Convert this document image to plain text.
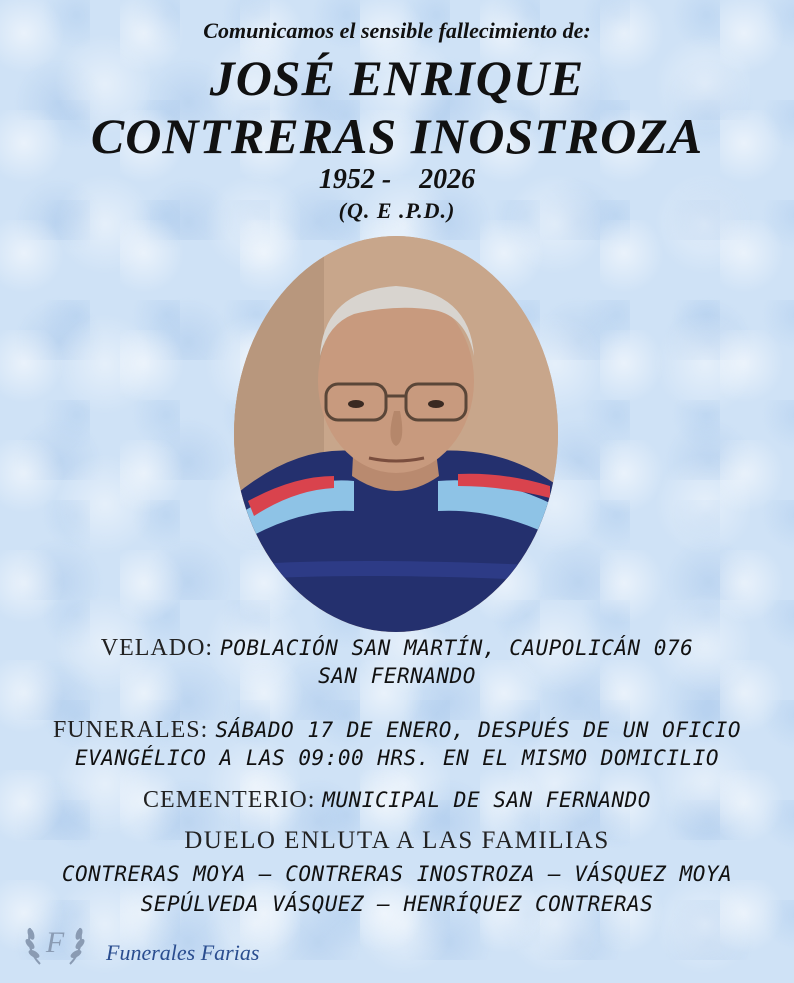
Comunicamos el sensible fallecimiento de:
JOSÉ ENRIQUE
CONTRERAS INOSTROZA
1952 - 2026
(Q. E .P.D.)
VELADO: POBLACIÓN SAN MARTÍN, CAUPOLICÁN 076
SAN FERNANDO
FUNERALES: SÁBADO 17 DE ENERO, DESPUÉS DE UN OFICIO
EVANGÉLICO A LAS 09:00 HRS. EN EL MISMO DOMICILIO
CEMENTERIO: MUNICIPAL DE SAN FERNANDO
DUELO ENLUTA A LAS FAMILIAS
CONTRERAS MOYA – CONTRERAS INOSTROZA – VÁSQUEZ MOYA
SEPÚLVEDA VÁSQUEZ – HENRÍQUEZ CONTRERAS
F Funerales Farias
